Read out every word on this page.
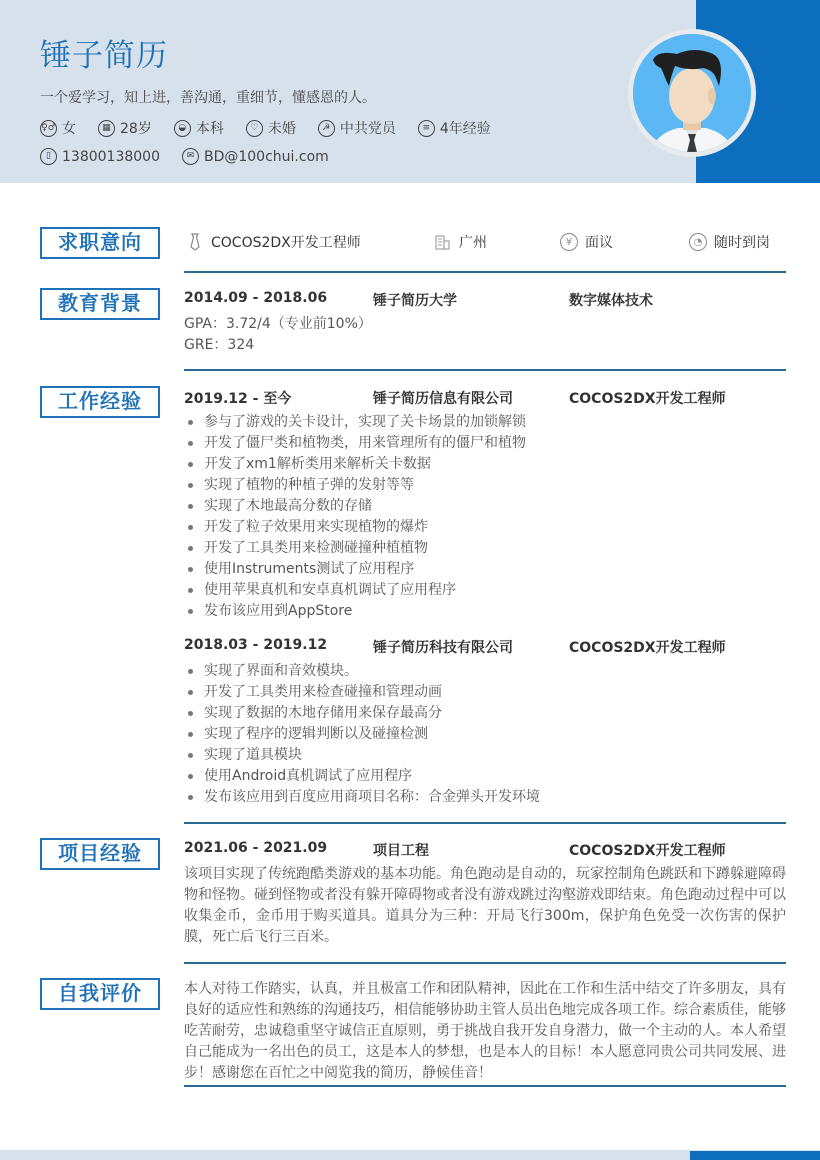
锤子简历
一个爱学习，知上进，善沟通，重细节，懂感恩的人。
♀♂ 女	▦ 28岁	◒ 本科	♡ 未婚	☭ 中共党员	≡ 4年经验
▯ 13800138000	✉ BD@100chui.com
求职意向	COCOS2DX开发工程师	广州	¥ 面议	◔ 随时到岗
教育背景	2014.09 - 2018.06	锤子简历大学	数字媒体技术
GPA：3.72/4（专业前10%）
GRE：324
工作经验	2019.12 - 至今	锤子简历信息有限公司	COCOS2DX开发工程师
参与了游戏的关卡设计，实现了关卡场景的加锁解锁
开发了僵尸类和植物类，用来管理所有的僵尸和植物
开发了xm1解析类用来解析关卡数据
实现了植物的种植子弹的发射等等
实现了木地最高分数的存储
开发了粒子效果用来实现植物的爆炸
开发了工具类用来检测碰撞种植植物
使用Instruments测试了应用程序
使用苹果真机和安卓真机调试了应用程序
发布该应用到AppStore
2018.03 - 2019.12	锤子简历科技有限公司	COCOS2DX开发工程师
实现了界面和音效模块。
开发了工具类用来检查碰撞和管理动画
实现了数据的木地存储用来保存最高分
实现了程序的逻辑判断以及碰撞检测
实现了道具模块
使用Android真机调试了应用程序
发布该应用到百度应用商项目名称：合金弹头开发环境
项目经验	2021.06 - 2021.09	项目工程	COCOS2DX开发工程师
该项目实现了传统跑酷类游戏的基本功能。角色跑动是自动的，玩家控制角色跳跃和下蹲躲避障碍物和怪物。碰到怪物或者没有躲开障碍物或者没有游戏跳过沟壑游戏即结束。角色跑动过程中可以收集金币，金币用于购买道具。道具分为三种：开局飞行300m，保护角色免受一次伤害的保护膜，死亡后飞行三百米。
自我评价	本人对待工作踏实，认真，并且极富工作和团队精神，因此在工作和生活中结交了许多朋友，具有良好的适应性和熟练的沟通技巧，相信能够协助主管人员出色地完成各项工作。综合素质佳，能够吃苦耐劳，忠诚稳重坚守诚信正直原则，勇于挑战自我开发自身潜力，做一个主动的人。本人希望自己能成为一名出色的员工，这是本人的梦想，也是本人的目标！本人愿意同贵公司共同发展、进步！感谢您在百忙之中阅览我的简历，静候佳音！
